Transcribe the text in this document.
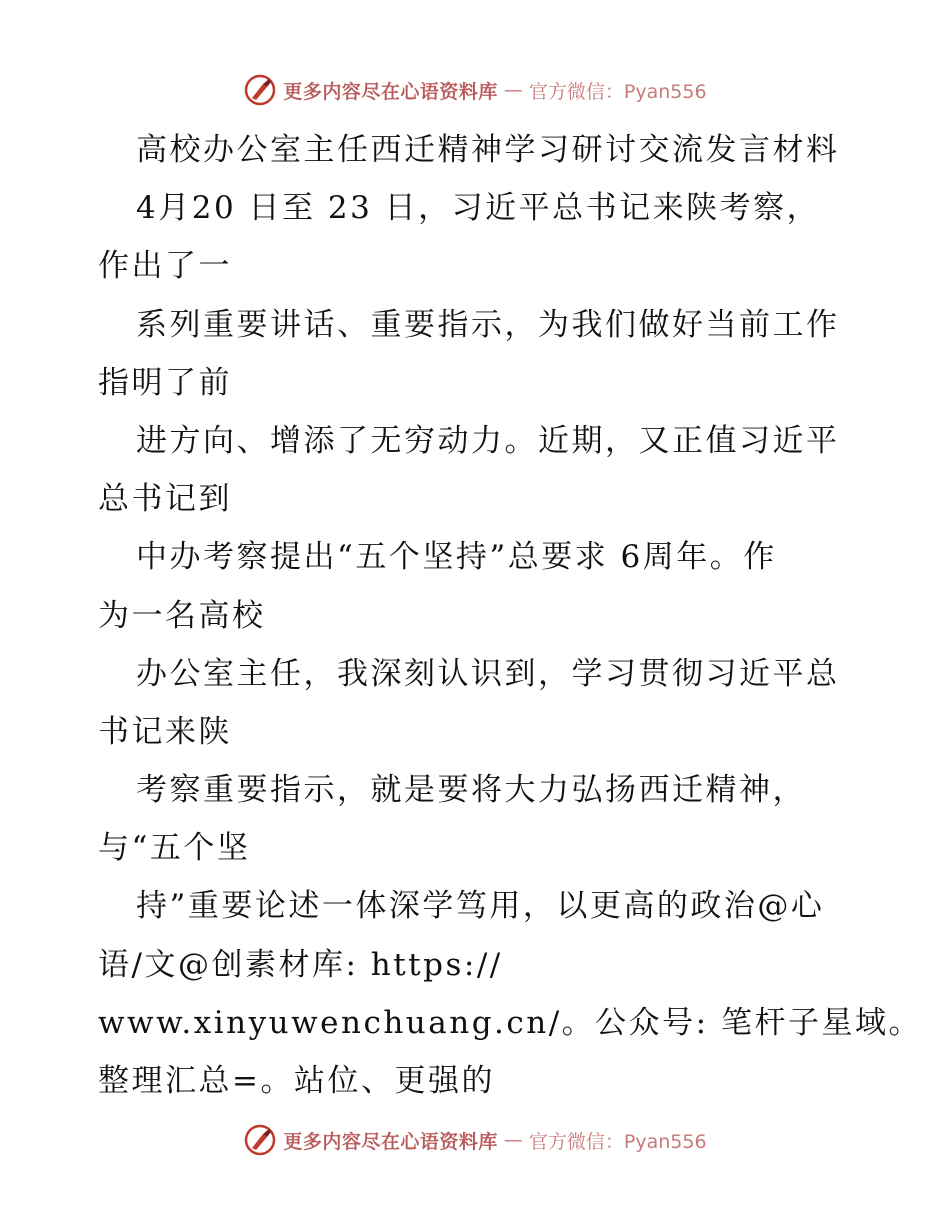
更多内容尽在心语资料库 — 官方微信：Pyan556
高校办公室主任西迁精神学习研讨交流发言材料
4月20 日至 23 日，习近平总书记来陕考察，
作出了一
系列重要讲话、重要指示，为我们做好当前工作
指明了前
进方向、增添了无穷动力。近期，又正值习近平
总书记到
中办考察提出“五个坚持”总要求 6周年。作
为一名高校
办公室主任，我深刻认识到，学习贯彻习近平总
书记来陕
考察重要指示，就是要将大力弘扬西迁精神，
与“五个坚
持”重要论述一体深学笃用，以更高的政治@心
语/文@创素材库: https://
www.xinyuwenchuang.cn/。公众号: 笔杆子星域。
整理汇总=。站位、更强的
更多内容尽在心语资料库 — 官方微信：Pyan556
